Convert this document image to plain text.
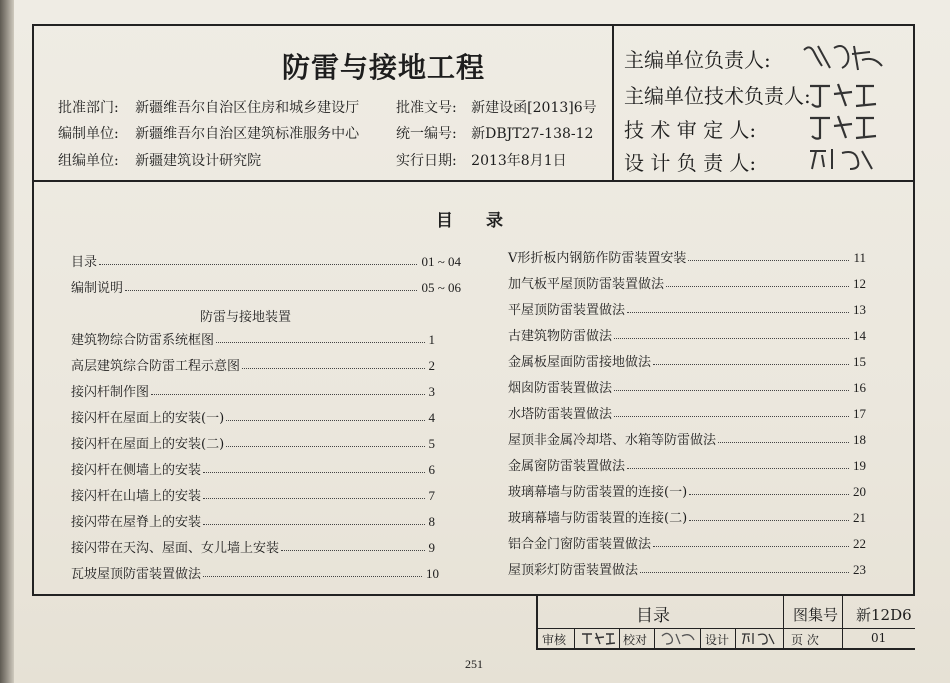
防雷与接地工程
批准部门: 新疆维吾尔自治区住房和城乡建设厅
编制单位: 新疆维吾尔自治区建筑标准服务中心
组编单位: 新疆建筑设计研究院
批准文号: 新建设函[2013]6号
统一编号: 新DBJT27-138-12
实行日期: 2013年8月1日
主编单位负责人:
主编单位技术负责人:
技 术 审 定 人:
设 计 负 责 人:
目 录
目录	01 ~ 04
编制说明	05 ~ 06
防雷与接地装置
建筑物综合防雷系统框图	1
高层建筑综合防雷工程示意图	2
接闪杆制作图	3
接闪杆在屋面上的安装(一)	4
接闪杆在屋面上的安装(二)	5
接闪杆在侧墙上的安装	6
接闪杆在山墙上的安装	7
接闪带在屋脊上的安装	8
接闪带在天沟、屋面、女儿墙上安装	9
瓦坡屋顶防雷装置做法	10
V形折板内钢筋作防雷装置安装	11
加气板平屋顶防雷装置做法	12
平屋顶防雷装置做法	13
古建筑物防雷做法	14
金属板屋面防雷接地做法	15
烟囱防雷装置做法	16
水塔防雷装置做法	17
屋顶非金属冷却塔、水箱等防雷做法	18
金属窗防雷装置做法	19
玻璃幕墙与防雷装置的连接(一)	20
玻璃幕墙与防雷装置的连接(二)	21
铝合金门窗防雷装置做法	22
屋顶彩灯防雷装置做法	23
目录	图集号 新12D6
审核	校对	设计	页 次	01
251
